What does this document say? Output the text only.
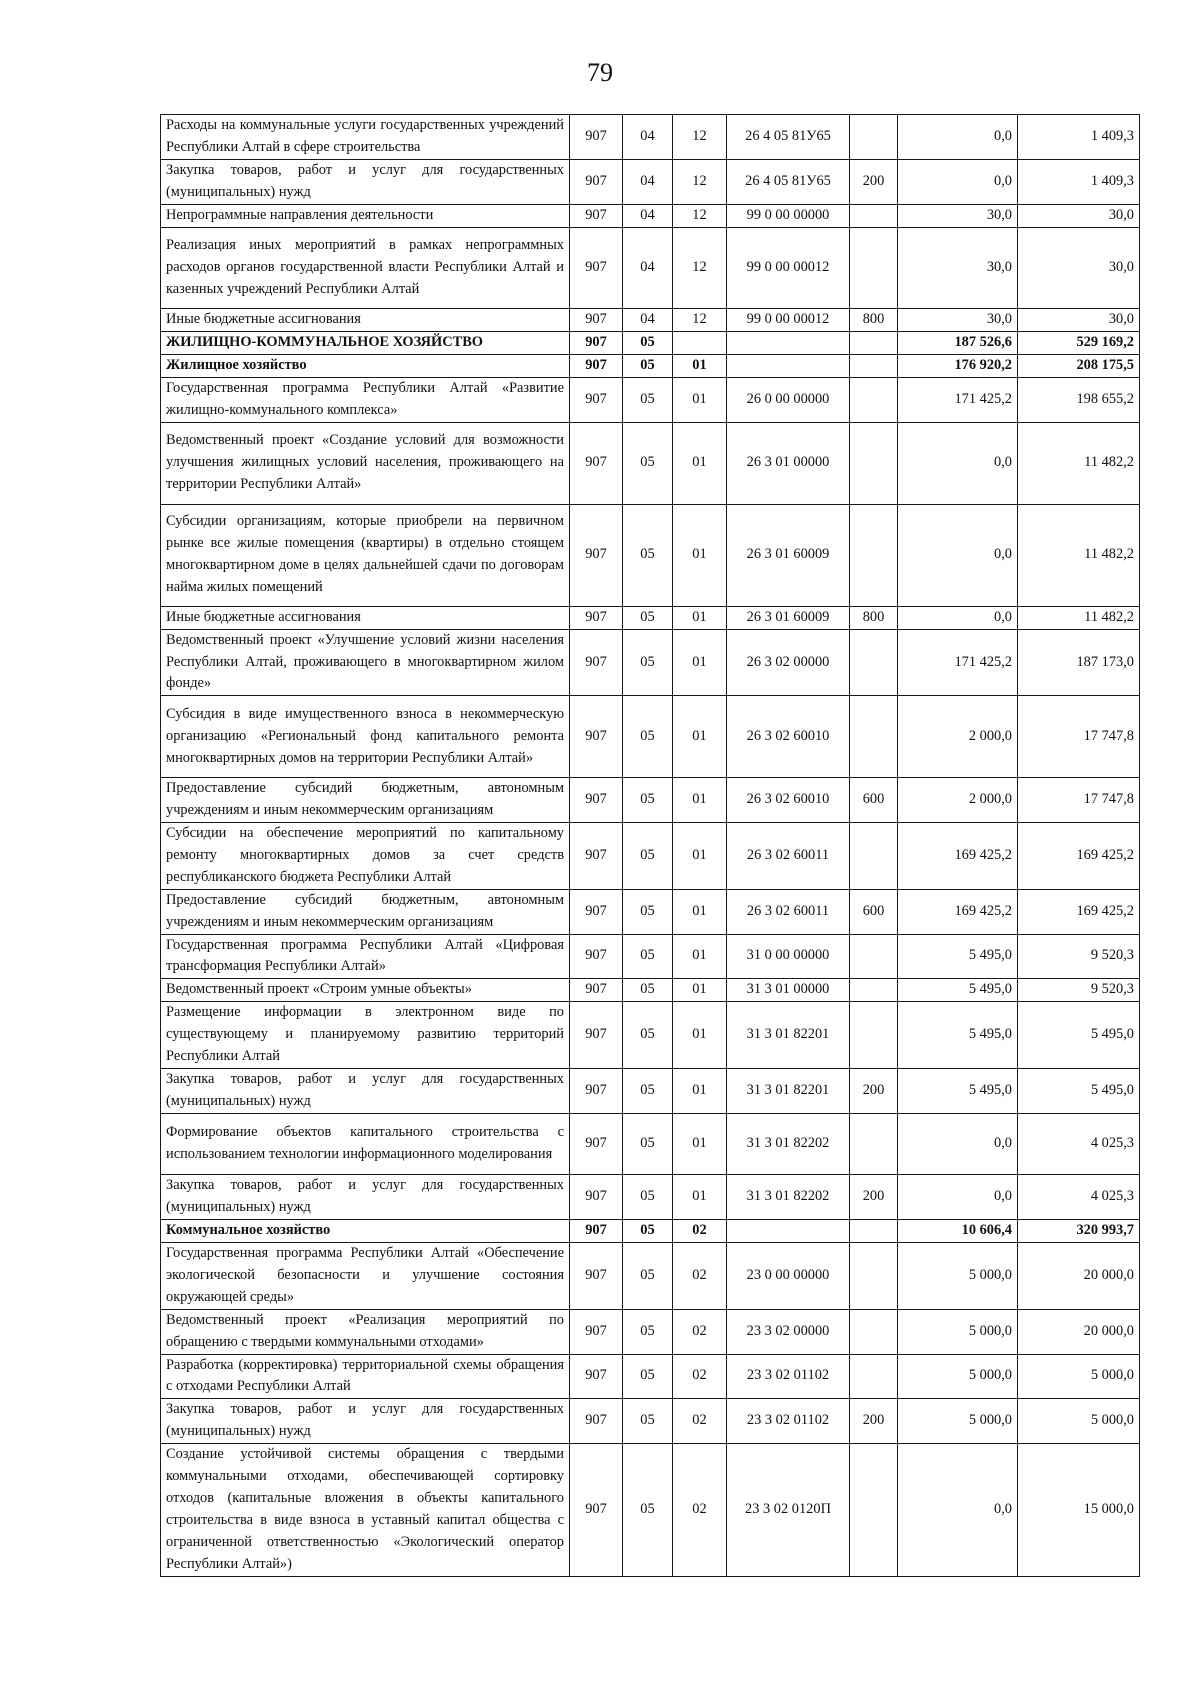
79
Расходы на коммунальные услуги государственных учреждений Республики Алтай в сфере строительства	907	04	12	26 4 05 81У65		0,0	1 409,3
Закупка товаров, работ и услуг для государственных (муниципальных) нужд	907	04	12	26 4 05 81У65	200	0,0	1 409,3
Непрограммные направления деятельности	907	04	12	99 0 00 00000		30,0	30,0
Реализация иных мероприятий в рамках непрограммных расходов органов государственной власти Республики Алтай и казенных учреждений Республики Алтай	907	04	12	99 0 00 00012		30,0	30,0
Иные бюджетные ассигнования	907	04	12	99 0 00 00012	800	30,0	30,0
ЖИЛИЩНО-КОММУНАЛЬНОЕ ХОЗЯЙСТВО	907	05				187 526,6	529 169,2
Жилищное хозяйство	907	05	01			176 920,2	208 175,5
Государственная программа Республики Алтай «Развитие жилищно-коммунального комплекса»	907	05	01	26 0 00 00000		171 425,2	198 655,2
Ведомственный проект «Создание условий для возможности улучшения жилищных условий населения, проживающего на территории Республики Алтай»	907	05	01	26 3 01 00000		0,0	11 482,2
Субсидии организациям, которые приобрели на первичном рынке все жилые помещения (квартиры) в отдельно стоящем многоквартирном доме в целях дальнейшей сдачи по договорам найма жилых помещений	907	05	01	26 3 01 60009		0,0	11 482,2
Иные бюджетные ассигнования	907	05	01	26 3 01 60009	800	0,0	11 482,2
Ведомственный проект «Улучшение условий жизни населения Республики Алтай, проживающего в многоквартирном жилом фонде»	907	05	01	26 3 02 00000		171 425,2	187 173,0
Субсидия в виде имущественного взноса в некоммерческую организацию «Региональный фонд капитального ремонта многоквартирных домов на территории Республики Алтай»	907	05	01	26 3 02 60010		2 000,0	17 747,8
Предоставление субсидий бюджетным, автономным учреждениям и иным некоммерческим организациям	907	05	01	26 3 02 60010	600	2 000,0	17 747,8
Субсидии на обеспечение мероприятий по капитальному ремонту многоквартирных домов за счет средств республиканского бюджета Республики Алтай	907	05	01	26 3 02 60011		169 425,2	169 425,2
Предоставление субсидий бюджетным, автономным учреждениям и иным некоммерческим организациям	907	05	01	26 3 02 60011	600	169 425,2	169 425,2
Государственная программа Республики Алтай «Цифровая трансформация Республики Алтай»	907	05	01	31 0 00 00000		5 495,0	9 520,3
Ведомственный проект «Строим умные объекты»	907	05	01	31 3 01 00000		5 495,0	9 520,3
Размещение информации в электронном виде по существующему и планируемому развитию территорий Республики Алтай	907	05	01	31 3 01 82201		5 495,0	5 495,0
Закупка товаров, работ и услуг для государственных (муниципальных) нужд	907	05	01	31 3 01 82201	200	5 495,0	5 495,0
Формирование объектов капитального строительства с использованием технологии информационного моделирования	907	05	01	31 3 01 82202		0,0	4 025,3
Закупка товаров, работ и услуг для государственных (муниципальных) нужд	907	05	01	31 3 01 82202	200	0,0	4 025,3
Коммунальное хозяйство	907	05	02			10 606,4	320 993,7
Государственная программа Республики Алтай «Обеспечение экологической безопасности и улучшение состояния окружающей среды»	907	05	02	23 0 00 00000		5 000,0	20 000,0
Ведомственный проект «Реализация мероприятий по обращению с твердыми коммунальными отходами»	907	05	02	23 3 02 00000		5 000,0	20 000,0
Разработка (корректировка) территориальной схемы обращения с отходами Республики Алтай	907	05	02	23 3 02 01102		5 000,0	5 000,0
Закупка товаров, работ и услуг для государственных (муниципальных) нужд	907	05	02	23 3 02 01102	200	5 000,0	5 000,0
Создание устойчивой системы обращения с твердыми коммунальными отходами, обеспечивающей сортировку отходов (капитальные вложения в объекты капитального строительства в виде взноса в уставный капитал общества с ограниченной ответственностью «Экологический оператор Республики Алтай»)	907	05	02	23 3 02 0120П		0,0	15 000,0
